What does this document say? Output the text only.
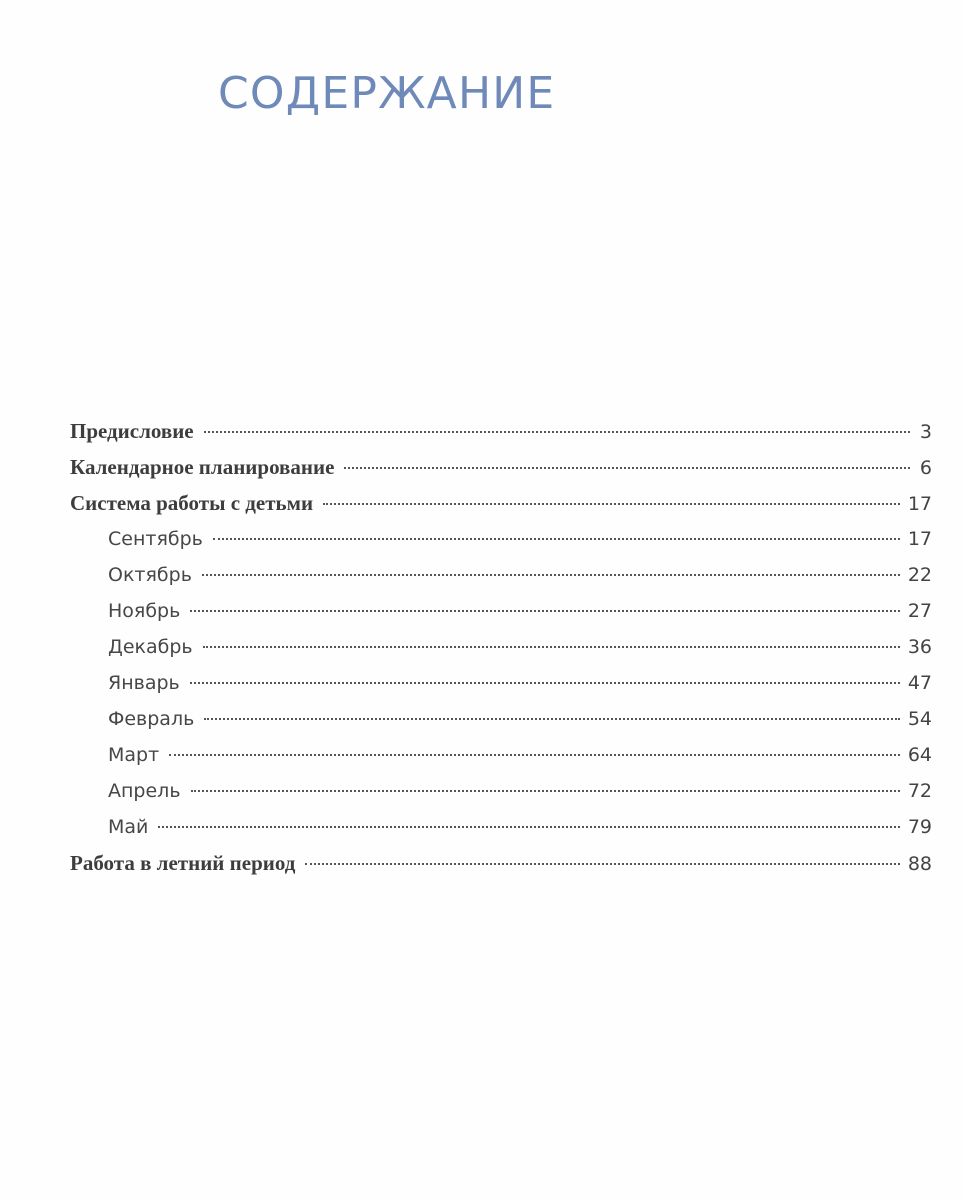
СОДЕРЖАНИЕ
Предисловие	3
Календарное планирование	6
Система работы с детьми	17
Сентябрь	17
Октябрь	22
Ноябрь	27
Декабрь	36
Январь	47
Февраль	54
Март	64
Апрель	72
Май	79
Работа в летний период	88
